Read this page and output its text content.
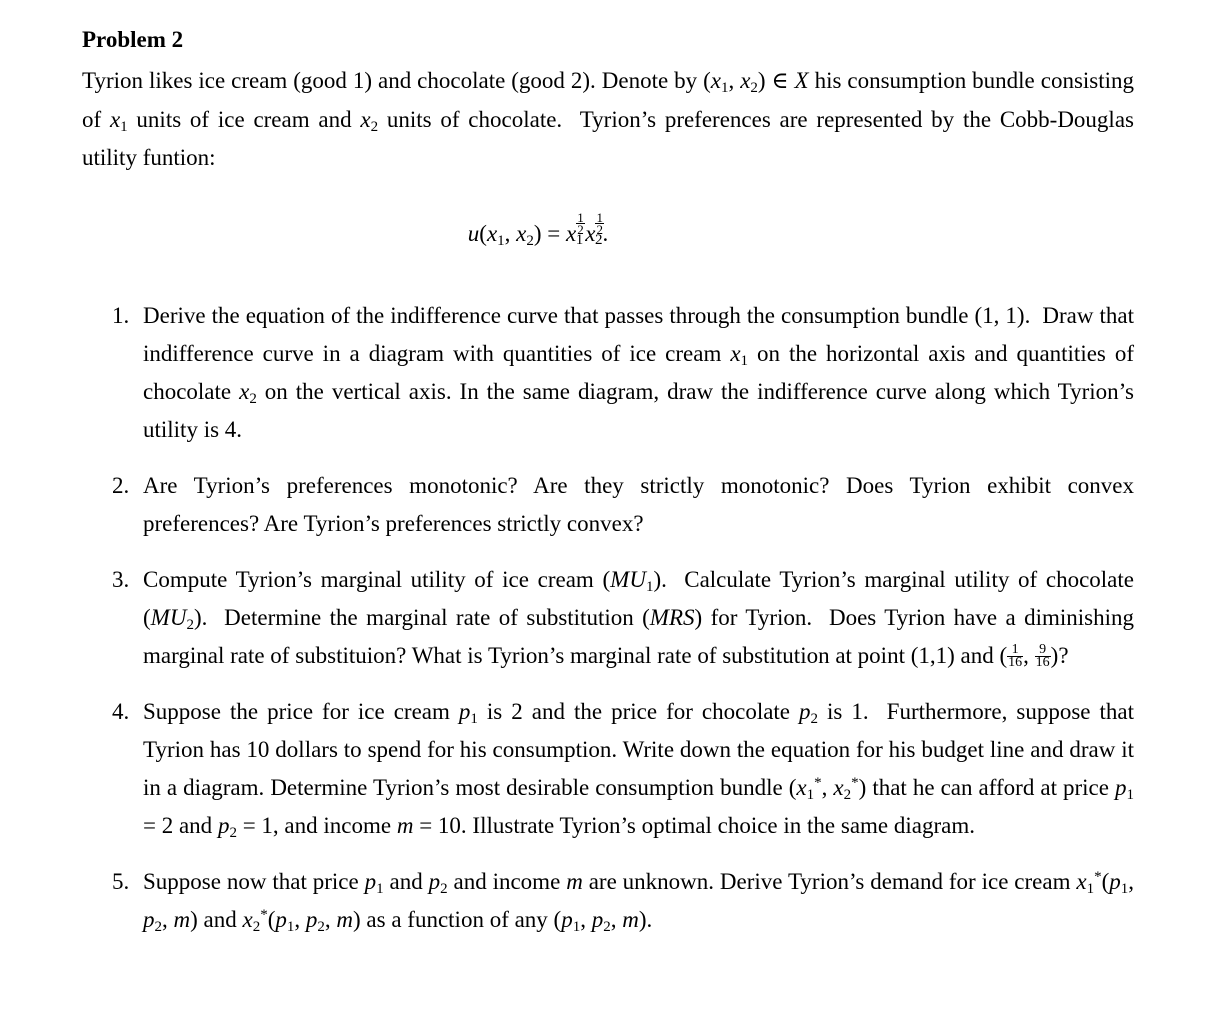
Problem 2

Tyrion likes ice cream (good 1) and chocolate (good 2). Denote by ($x_1$, $x_2$) ∈ X his consumption bundle consisting of $x_1$ units of ice cream and $x_2$ units of chocolate.  Tyrion’s preferences are represented by the Cobb-Douglas utility funtion:

$u(x_1$, $x_2) = x \frac{1}{2}$
$1x \frac{1}{2}$
2.
1. Derive the equation of the indifference curve that passes through the consumption bundle (1, 1).  Draw that indifference curve in a diagram with quantities of ice cream $x_1$ on the horizontal axis and quantities of chocolate $x_2$ on the vertical axis. In the same diagram, draw the indifference curve along which Tyrion’s utility is 4.
2. Are Tyrion’s preferences monotonic? Are they strictly monotonic? Does Tyrion exhibit convex preferences? Are Tyrion’s preferences strictly convex?
3. Compute Tyrion’s marginal utility of ice cream $(MU_1)$.  Calculate Tyrion’s marginal utility of chocolate $(MU_2)$.  Determine the marginal rate of substitution (MRS) for Tyrion.  Does Tyrion have a diminishing marginal rate of substituion? What is Tyrion’s marginal rate of substitution at point (1,1) and ( $\frac{1}{16}$ , $\frac{9}{16}$ )?
4. Suppose the price for ice cream $p_1$ is 2 and the price for chocolate $p_2$ is 1.  Furthermore, suppose that Tyrion has 10 dollars to spend for his consumption. Write down the equation for his budget line and draw it in a diagram. Determine Tyrion’s most desirable consumption bundle ($x_1^*$, $x_2^*$) that he can afford at price $p_1 = 2$ and $p_2 = 1$, and income m = 10. Illustrate Tyrion’s optimal choice in the same diagram.
5. Suppose now that price $p_1$ and $p_2$ and income m are unknown. Derive Tyrion’s demand for ice cream $x_1^*(p_1$, $p_2$, m) and $x_2^*(p_1$, $p_2$, m) as a function of any ($p_1$, $p_2$, m).
